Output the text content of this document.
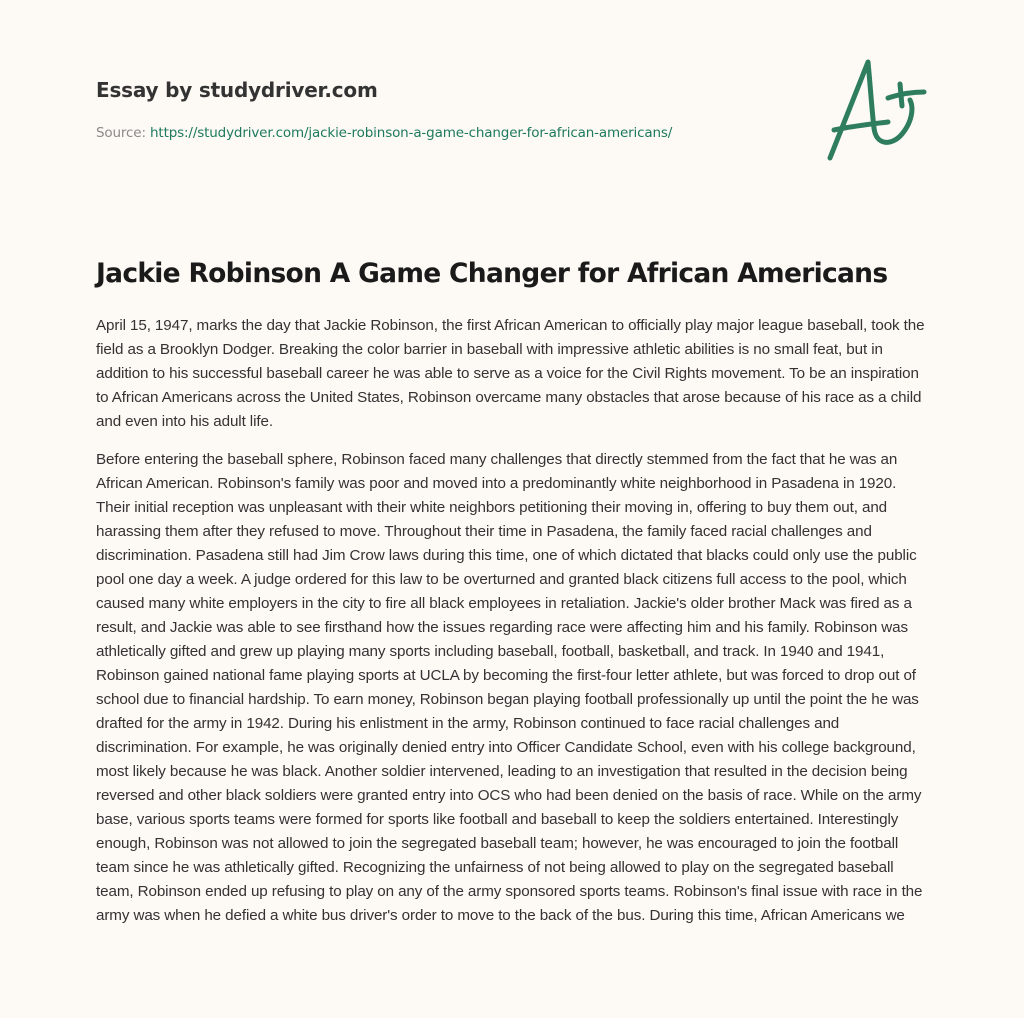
Essay by studydriver.com
Source: https://studydriver.com/jackie-robinson-a-game-changer-for-african-americans/
Jackie Robinson A Game Changer for African Americans

April 15, 1947, marks the day that Jackie Robinson, the first African American to officially play major league baseball, took the field as a Brooklyn Dodger. Breaking the color barrier in baseball with impressive athletic abilities is no small feat, but in addition to his successful baseball career he was able to serve as a voice for the Civil Rights movement. To be an inspiration to African Americans across the United States, Robinson overcame many obstacles that arose because of his race as a child and even into his adult life.

Before entering the baseball sphere, Robinson faced many challenges that directly stemmed from the fact that he was an African American. Robinson's family was poor and moved into a predominantly white neighborhood in Pasadena in 1920. Their initial reception was unpleasant with their white neighbors petitioning their moving in, offering to buy them out, and harassing them after they refused to move. Throughout their time in Pasadena, the family faced racial challenges and discrimination. Pasadena still had Jim Crow laws during this time, one of which dictated that blacks could only use the public pool one day a week. A judge ordered for this law to be overturned and granted black citizens full access to the pool, which caused many white employers in the city to fire all black employees in retaliation. Jackie's older brother Mack was fired as a result, and Jackie was able to see firsthand how the issues regarding race were affecting him and his family. Robinson was athletically gifted and grew up playing many sports including baseball, football, basketball, and track. In 1940 and 1941, Robinson gained national fame playing sports at UCLA by becoming the first-four letter athlete, but was forced to drop out of school due to financial hardship. To earn money, Robinson began playing football professionally up until the point the he was drafted for the army in 1942. During his enlistment in the army, Robinson continued to face racial challenges and discrimination. For example, he was originally denied entry into Officer Candidate School, even with his college background, most likely because he was black. Another soldier intervened, leading to an investigation that resulted in the decision being reversed and other black soldiers were granted entry into OCS who had been denied on the basis of race. While on the army base, various sports teams were formed for sports like football and baseball to keep the soldiers entertained. Interestingly enough, Robinson was not allowed to join the segregated baseball team; however, he was encouraged to join the football team since he was athletically gifted. Recognizing the unfairness of not being allowed to play on the segregated baseball team, Robinson ended up refusing to play on any of the army sponsored sports teams. Robinson's final issue with race in the army was when he defied a white bus driver's order to move to the back of the bus. During this time, African Americans we
